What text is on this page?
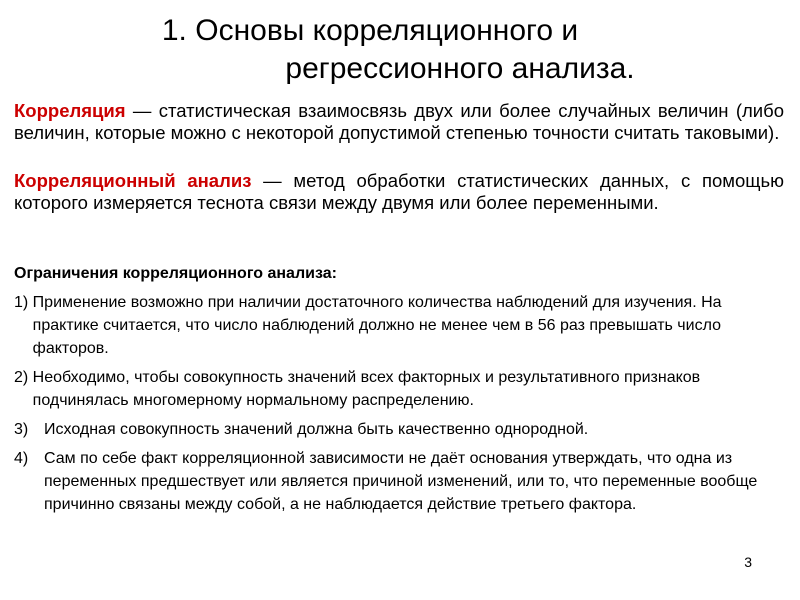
1. Основы корреляционного и
регрессионного анализа.

Корреляция — статистическая взаимосвязь двух или более случайных величин (либо величин, которые можно с некоторой допустимой степенью точности считать таковыми).

Корреляционный анализ — метод обработки статистических данных, с помощью которого измеряется теснота связи между двумя или более переменными.

Ограничения корреляционного анализа:
1) Применение возможно при наличии достаточного количества наблюдений для изучения. На практике считается, что число наблюдений должно не менее чем в 56 раз превышать число факторов.
2) Необходимо, чтобы совокупность значений всех факторных и результативного признаков подчинялась многомерному нормальному распределению.
3) Исходная совокупность значений должна быть качественно однородной.
4) Сам по себе факт корреляционной зависимости не даёт основания утверждать, что одна из переменных предшествует или является причиной изменений, или то, что переменные вообще причинно связаны между собой, а не наблюдается действие третьего фактора.
3
